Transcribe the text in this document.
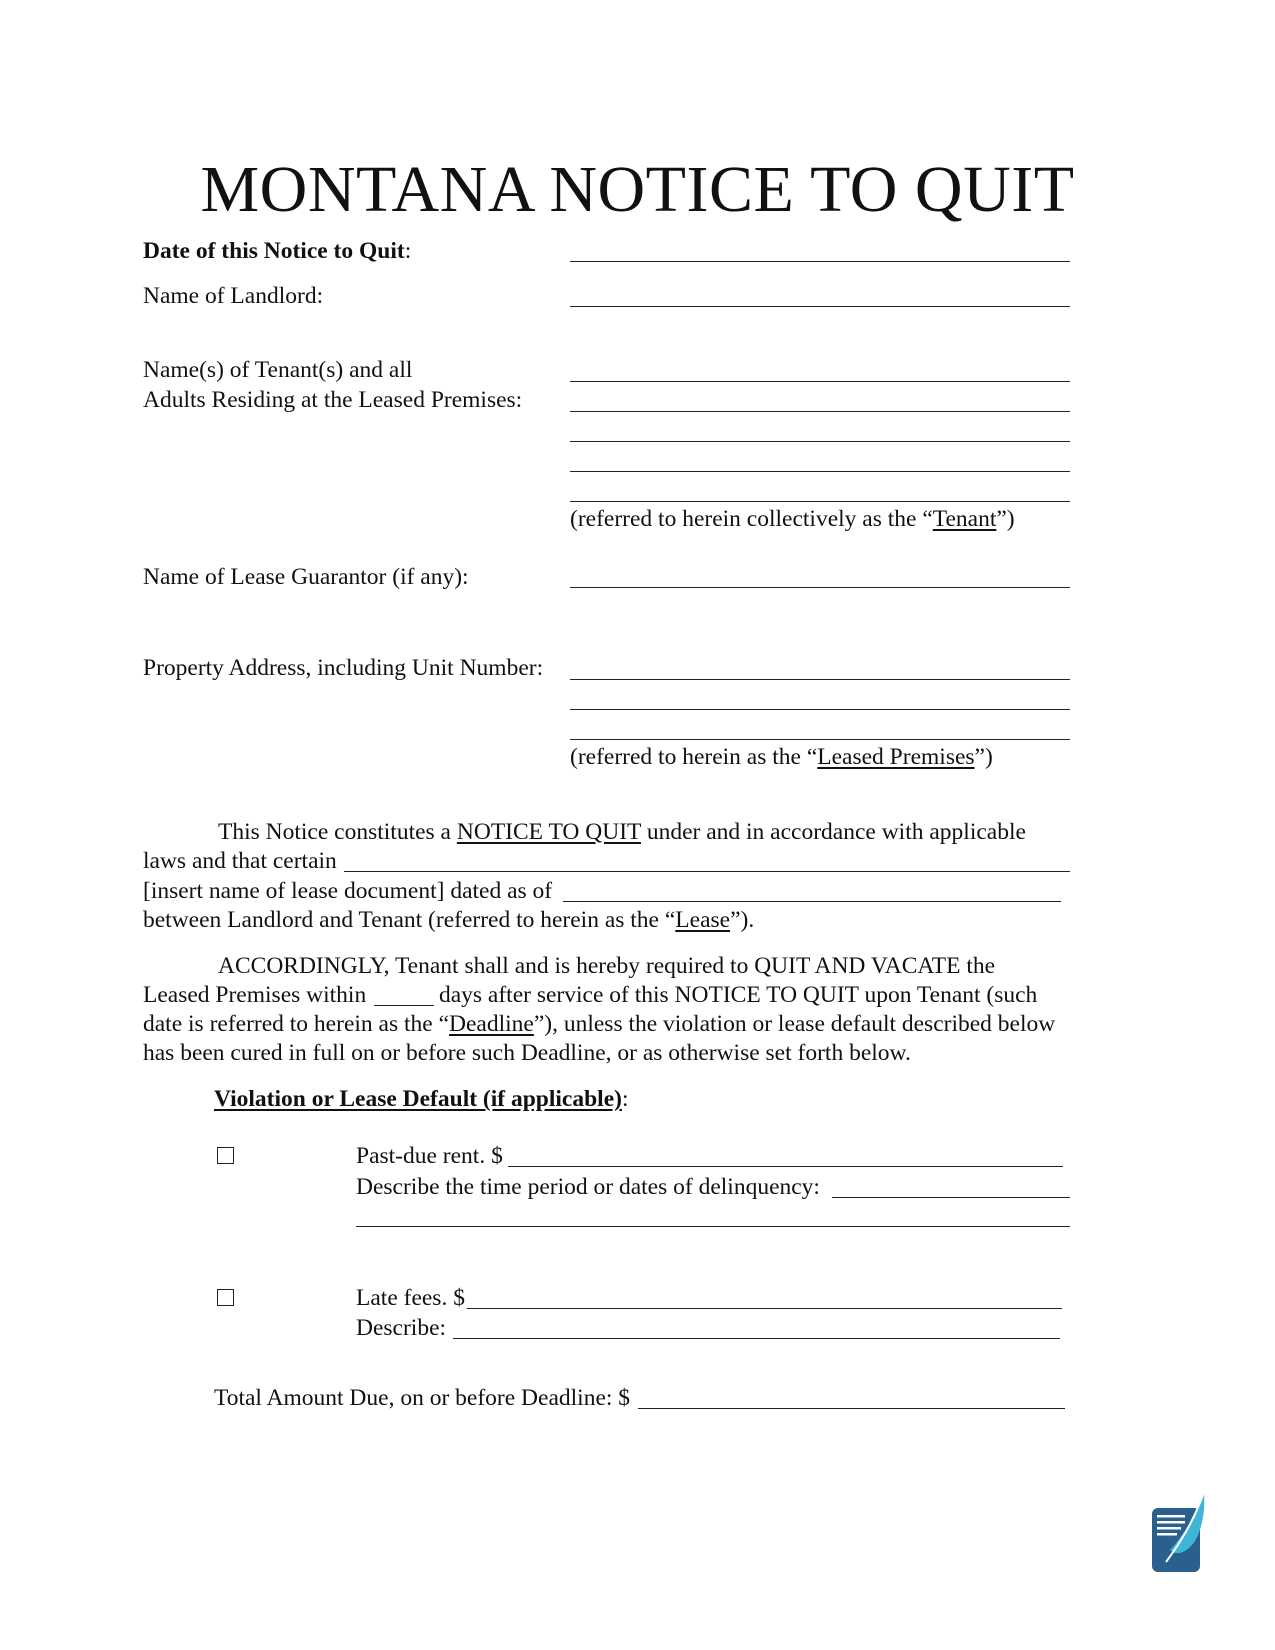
MONTANA NOTICE TO QUIT
Date of this Notice to Quit:
Name of Landlord:
Name(s) of Tenant(s) and all
Adults Residing at the Leased Premises:
(referred to herein collectively as the “Tenant”)
Name of Lease Guarantor (if any):
Property Address, including Unit Number:
(referred to herein as the “Leased Premises”)
This Notice constitutes a NOTICE TO QUIT under and in accordance with applicable
laws and that certain
[insert name of lease document] dated as of
between Landlord and Tenant (referred to herein as the “Lease”).
ACCORDINGLY, Tenant shall and is hereby required to QUIT AND VACATE the
Leased Premises within	days after service of this NOTICE TO QUIT upon Tenant (such
date is referred to herein as the “Deadline”), unless the violation or lease default described below
has been cured in full on or before such Deadline, or as otherwise set forth below.
Violation or Lease Default (if applicable):
Past-due rent. $
Describe the time period or dates of delinquency:
Late fees. $
Describe:
Total Amount Due, on or before Deadline: $
